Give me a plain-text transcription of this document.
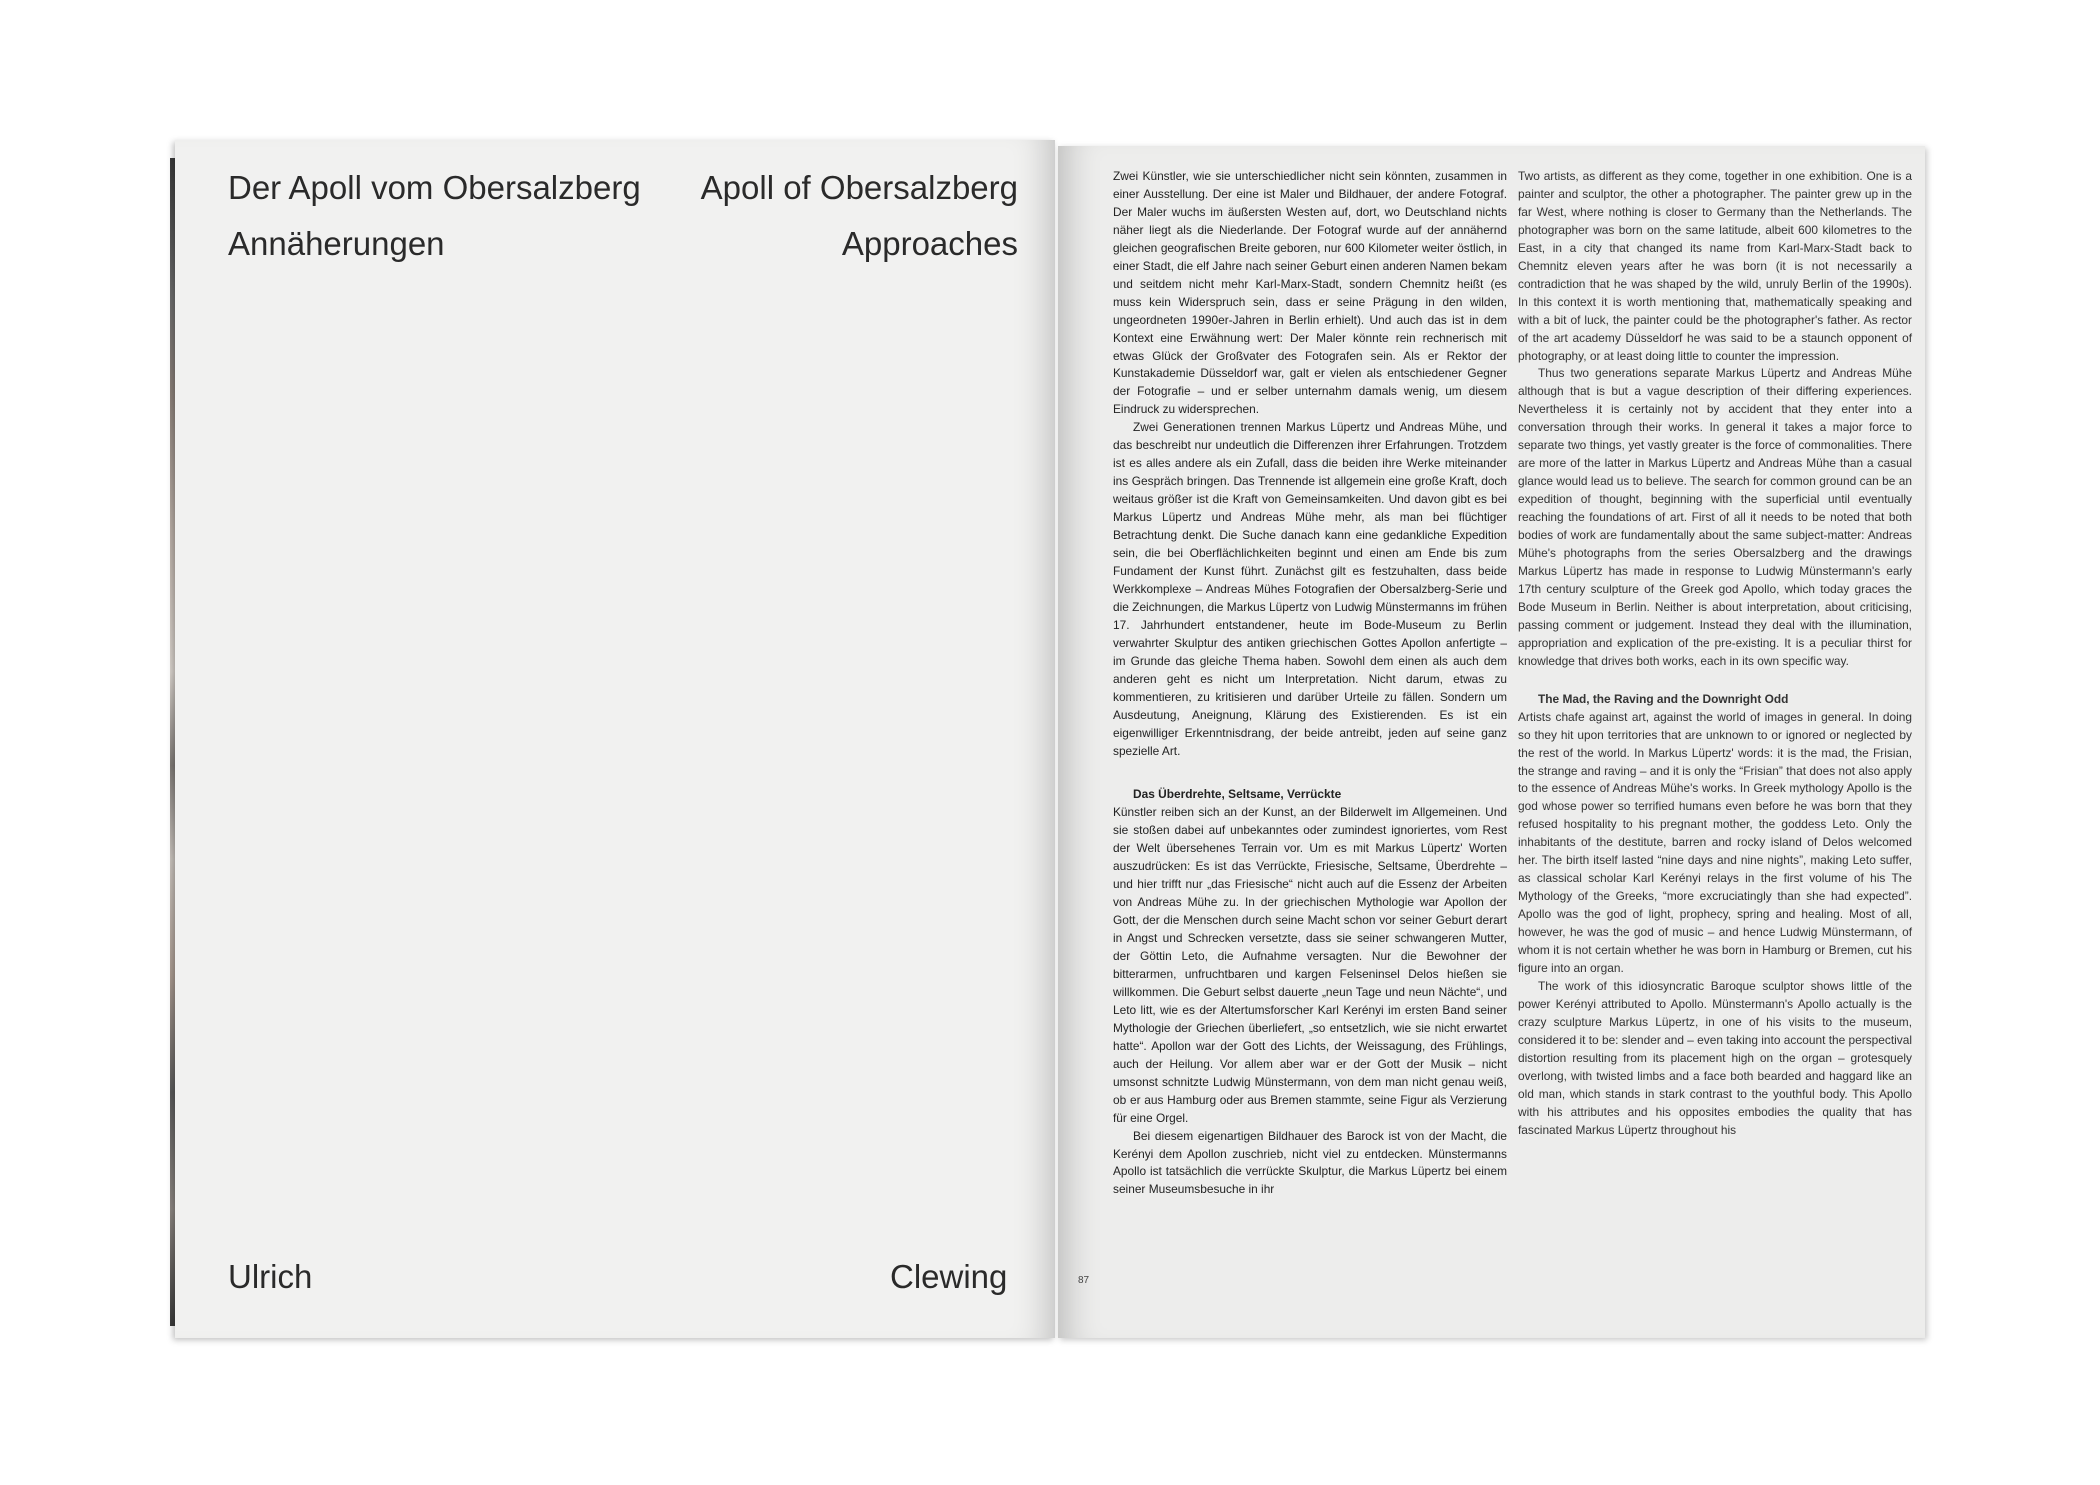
Der Apoll vom Obersalzberg Apoll of Obersalzberg
Annäherungen	Approaches
Ulrich	Clewing	87

Zwei Künstler, wie sie unterschiedlicher nicht sein könnten, zusammen in einer Ausstellung. Der eine ist Maler und Bildhauer, der andere Fotograf. Der Maler wuchs im äußersten Westen auf, dort, wo Deutschland nichts näher liegt als die Niederlande. Der Fotograf wurde auf der annähernd gleichen geografischen Breite geboren, nur 600 Kilometer weiter östlich, in einer Stadt, die elf Jahre nach seiner Geburt einen anderen Namen bekam und seitdem nicht mehr Karl-Marx-Stadt, sondern Chemnitz heißt (es muss kein Widerspruch sein, dass er seine Prägung in den wilden, ungeordneten 1990er-Jahren in Berlin erhielt). Und auch das ist in dem Kontext eine Erwähnung wert: Der Maler könnte rein rechnerisch mit etwas Glück der Großvater des Fotografen sein. Als er Rektor der Kunstakademie Düsseldorf war, galt er vielen als entschiedener Gegner der Fotografie – und er selber unternahm damals wenig, um diesem Eindruck zu widersprechen.

Zwei Generationen trennen Markus Lüpertz und Andreas Mühe, und das beschreibt nur undeutlich die Differenzen ihrer Erfahrungen. Trotzdem ist es alles andere als ein Zufall, dass die beiden ihre Werke miteinander ins Gespräch bringen. Das Trennende ist allgemein eine große Kraft, doch weitaus größer ist die Kraft von Gemeinsamkeiten. Und davon gibt es bei Markus Lüpertz und Andreas Mühe mehr, als man bei flüchtiger Betrachtung denkt. Die Suche danach kann eine gedankliche Expedition sein, die bei Oberflächlichkeiten beginnt und einen am Ende bis zum Fundament der Kunst führt. Zunächst gilt es festzuhalten, dass beide Werkkomplexe – Andreas Mühes Fotografien der Obersalzberg-Serie und die Zeichnungen, die Markus Lüpertz von Ludwig Münstermanns im frühen 17. Jahrhundert entstandener, heute im Bode-Museum zu Berlin verwahrter Skulptur des antiken griechischen Gottes Apollon anfertigte – im Grunde das gleiche Thema haben. Sowohl dem einen als auch dem anderen geht es nicht um Interpretation. Nicht darum, etwas zu kommentieren, zu kritisieren und darüber Urteile zu fällen. Sondern um Ausdeutung, Aneignung, Klärung des Existierenden. Es ist ein eigenwilliger Erkenntnisdrang, der beide antreibt, jeden auf seine ganz spezielle Art.

Das Überdrehte, Seltsame, Verrückte

Künstler reiben sich an der Kunst, an der Bilderwelt im Allgemeinen. Und sie stoßen dabei auf unbekanntes oder zumindest ignoriertes, vom Rest der Welt übersehenes Terrain vor. Um es mit Markus Lüpertz' Worten auszudrücken: Es ist das Verrückte, Friesische, Seltsame, Überdrehte – und hier trifft nur „das Friesische“ nicht auch auf die Essenz der Arbeiten von Andreas Mühe zu. In der griechischen Mythologie war Apollon der Gott, der die Menschen durch seine Macht schon vor seiner Geburt derart in Angst und Schrecken versetzte, dass sie seiner schwangeren Mutter, der Göttin Leto, die Aufnahme versagten. Nur die Bewohner der bitterarmen, unfruchtbaren und kargen Felseninsel Delos hießen sie willkommen. Die Geburt selbst dauerte „neun Tage und neun Nächte“, und Leto litt, wie es der Altertumsforscher Karl Kerényi im ersten Band seiner Mythologie der Griechen überliefert, „so entsetzlich, wie sie nicht erwartet hatte“. Apollon war der Gott des Lichts, der Weissagung, des Frühlings, auch der Heilung. Vor allem aber war er der Gott der Musik – nicht umsonst schnitzte Ludwig Münstermann, von dem man nicht genau weiß, ob er aus Hamburg oder aus Bremen stammte, seine Figur als Verzierung für eine Orgel.

Bei diesem eigenartigen Bildhauer des Barock ist von der Macht, die Kerényi dem Apollon zuschrieb, nicht viel zu entdecken. Münstermanns Apollo ist tatsächlich die verrückte Skulptur, die Markus Lüpertz bei einem seiner Museumsbesuche in ihr

Two artists, as different as they come, together in one exhibition. One is a painter and sculptor, the other a photographer. The painter grew up in the far West, where nothing is closer to Germany than the Netherlands. The photographer was born on the same latitude, albeit 600 kilometres to the East, in a city that changed its name from Karl-Marx-Stadt back to Chemnitz eleven years after he was born (it is not necessarily a contradiction that he was shaped by the wild, unruly Berlin of the 1990s). In this context it is worth mentioning that, mathematically speaking and with a bit of luck, the painter could be the photographer's father. As rector of the art academy Düsseldorf he was said to be a staunch opponent of photography, or at least doing little to counter the impression.

Thus two generations separate Markus Lüpertz and Andreas Mühe although that is but a vague description of their differing experiences. Nevertheless it is certainly not by accident that they enter into a conversation through their works. In general it takes a major force to separate two things, yet vastly greater is the force of commonalities. There are more of the latter in Markus Lüpertz and Andreas Mühe than a casual glance would lead us to believe. The search for common ground can be an expedition of thought, beginning with the superficial until eventually reaching the foundations of art. First of all it needs to be noted that both bodies of work are fundamentally about the same subject-matter: Andreas Mühe's photographs from the series Obersalzberg and the drawings Markus Lüpertz has made in response to Ludwig Münstermann's early 17th century sculpture of the Greek god Apollo, which today graces the Bode Museum in Berlin. Neither is about interpretation, about criticising, passing comment or judgement. Instead they deal with the illumination, appropriation and explication of the pre-existing. It is a peculiar thirst for knowledge that drives both works, each in its own specific way.

The Mad, the Raving and the Downright Odd

Artists chafe against art, against the world of images in general. In doing so they hit upon territories that are unknown to or ignored or neglected by the rest of the world. In Markus Lüpertz' words: it is the mad, the Frisian, the strange and raving – and it is only the “Frisian” that does not also apply to the essence of Andreas Mühe's works. In Greek mythology Apollo is the god whose power so terrified humans even before he was born that they refused hospitality to his pregnant mother, the goddess Leto. Only the inhabitants of the destitute, barren and rocky island of Delos welcomed her. The birth itself lasted “nine days and nine nights”, making Leto suffer, as classical scholar Karl Kerényi relays in the first volume of his The Mythology of the Greeks, “more excruciatingly than she had expected”. Apollo was the god of light, prophecy, spring and healing. Most of all, however, he was the god of music – and hence Ludwig Münstermann, of whom it is not certain whether he was born in Hamburg or Bremen, cut his figure into an organ.

The work of this idiosyncratic Baroque sculptor shows little of the power Kerényi attributed to Apollo. Münstermann's Apollo actually is the crazy sculpture Markus Lüpertz, in one of his visits to the museum, considered it to be: slender and – even taking into account the perspectival distortion resulting from its placement high on the organ – grotesquely overlong, with twisted limbs and a face both bearded and haggard like an old man, which stands in stark contrast to the youthful body. This Apollo with his attributes and his opposites embodies the quality that has fascinated Markus Lüpertz throughout his
